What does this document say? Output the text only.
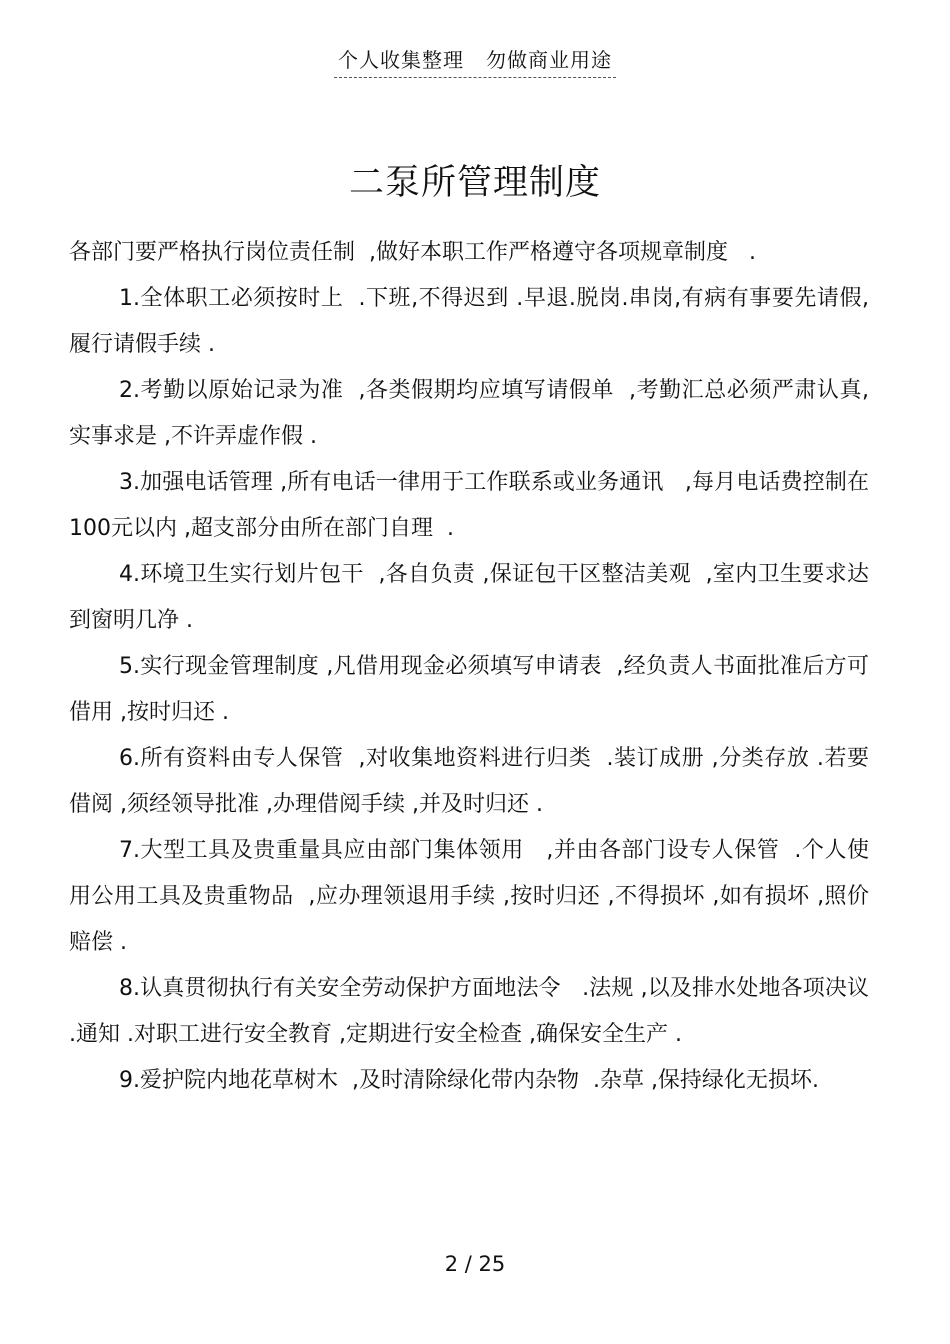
个人收集整理   勿做商业用途
二泵所管理制度

各部门要严格执行岗位责任制  ,做好本职工作严格遵守各项规章制度   .

1.全体职工必须按时上  .下班,不得迟到 .早退.脱岗.串岗,有病有事要先请假,履行请假手续 .

2.考勤以原始记录为准  ,各类假期均应填写请假单  ,考勤汇总必须严肃认真,实事求是 ,不许弄虚作假 .

3.加强电话管理 ,所有电话一律用于工作联系或业务通讯   ,每月电话费控制在 100元以内 ,超支部分由所在部门自理  .

4.环境卫生实行划片包干  ,各自负责 ,保证包干区整洁美观  ,室内卫生要求达到窗明几净 .

5.实行现金管理制度 ,凡借用现金必须填写申请表  ,经负责人书面批准后方可借用 ,按时归还 .

6.所有资料由专人保管  ,对收集地资料进行归类  .装订成册 ,分类存放 .若要借阅 ,须经领导批准 ,办理借阅手续 ,并及时归还 .

7.大型工具及贵重量具应由部门集体领用   ,并由各部门设专人保管  .个人使用公用工具及贵重物品  ,应办理领退用手续 ,按时归还 ,不得损坏 ,如有损坏 ,照价赔偿 .

8.认真贯彻执行有关安全劳动保护方面地法令   .法规 ,以及排水处地各项决议 .通知 .对职工进行安全教育 ,定期进行安全检查 ,确保安全生产 .

9.爱护院内地花草树木  ,及时清除绿化带内杂物  .杂草 ,保持绿化无损坏.

2 / 25
